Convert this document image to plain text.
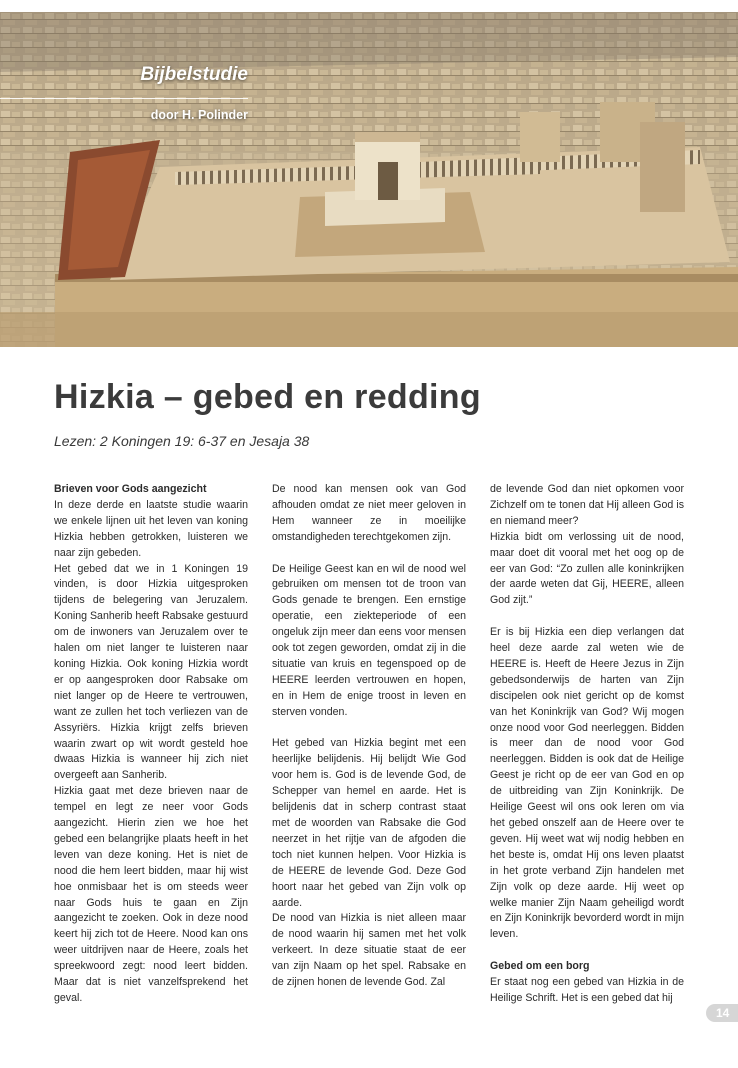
Bijbelstudie
door H. Polinder
Hizkia – gebed en redding

Lezen: 2 Koningen 19: 6-37 en Jesaja 38

Brieven voor Gods aangezicht

In deze derde en laatste studie waarin we enkele lijnen uit het leven van koning Hizkia hebben getrokken, luisteren we naar zijn gebeden.

Het gebed dat we in 1 Koningen 19 vinden, is door Hizkia uitgesproken tijdens de belegering van Jeruzalem. Koning Sanherib heeft Rabsake gestuurd om de inwoners van Jeruzalem over te halen om niet langer te luisteren naar koning Hizkia. Ook koning Hizkia wordt er op aangesproken door Rabsake om niet langer op de Heere te vertrouwen, want ze zullen het toch verliezen van de Assyriërs. Hizkia krijgt zelfs brieven waarin zwart op wit wordt gesteld hoe dwaas Hizkia is wanneer hij zich niet overgeeft aan Sanherib.

Hizkia gaat met deze brieven naar de tempel en legt ze neer voor Gods aangezicht. Hierin zien we hoe het gebed een belangrijke plaats heeft in het leven van deze koning. Het is niet de nood die hem leert bidden, maar hij wist hoe onmisbaar het is om steeds weer naar Gods huis te gaan en Zijn aangezicht te zoeken. Ook in deze nood keert hij zich tot de Heere. Nood kan ons weer uitdrijven naar de Heere, zoals het spreekwoord zegt: nood leert bidden. Maar dat is niet vanzelfsprekend het geval.

De nood kan mensen ook van God afhouden omdat ze niet meer geloven in Hem wanneer ze in moeilijke omstandigheden terechtgekomen zijn.

De Heilige Geest kan en wil de nood wel gebruiken om mensen tot de troon van Gods genade te brengen. Een ernstige operatie, een ziekteperiode of een ongeluk zijn meer dan eens voor mensen ook tot zegen geworden, omdat zij in die situatie van kruis en tegenspoed op de HEERE leerden vertrouwen en hopen, en in Hem de enige troost in leven en sterven vonden.

Het gebed van Hizkia begint met een heerlijke belijdenis. Hij belijdt Wie God voor hem is. God is de levende God, de Schepper van hemel en aarde. Het is belijdenis dat in scherp contrast staat met de woorden van Rabsake die God neerzet in het rijtje van de afgoden die toch niet kunnen helpen. Voor Hizkia is de HEERE de levende God. Deze God hoort naar het gebed van Zijn volk op aarde.

De nood van Hizkia is niet alleen maar de nood waarin hij samen met het volk verkeert. In deze situatie staat de eer van zijn Naam op het spel. Rabsake en de zijnen honen de levende God. Zal

de levende God dan niet opkomen voor Zichzelf om te tonen dat Hij alleen God is en niemand meer?

Hizkia bidt om verlossing uit de nood, maar doet dit vooral met het oog op de eer van God: “Zo zullen alle koninkrijken der aarde weten dat Gij, HEERE, alleen God zijt.”

Er is bij Hizkia een diep verlangen dat heel deze aarde zal weten wie de HEERE is. Heeft de Heere Jezus in Zijn gebedsonderwijs de harten van Zijn discipelen ook niet gericht op de komst van het Koninkrijk van God? Wij mogen onze nood voor God neerleggen. Bidden is meer dan de nood voor God neerleggen. Bidden is ook dat de Heilige Geest je richt op de eer van God en op de uitbreiding van Zijn Koninkrijk. De Heilige Geest wil ons ook leren om via het gebed onszelf aan de Heere over te geven. Hij weet wat wij nodig hebben en het beste is, omdat Hij ons leven plaatst in het grote verband Zijn handelen met Zijn volk op deze aarde. Hij weet op welke manier Zijn Naam geheiligd wordt en Zijn Koninkrijk bevorderd wordt in mijn leven.

Gebed om een borg

Er staat nog een gebed van Hizkia in de Heilige Schrift. Het is een gebed dat hij

14
